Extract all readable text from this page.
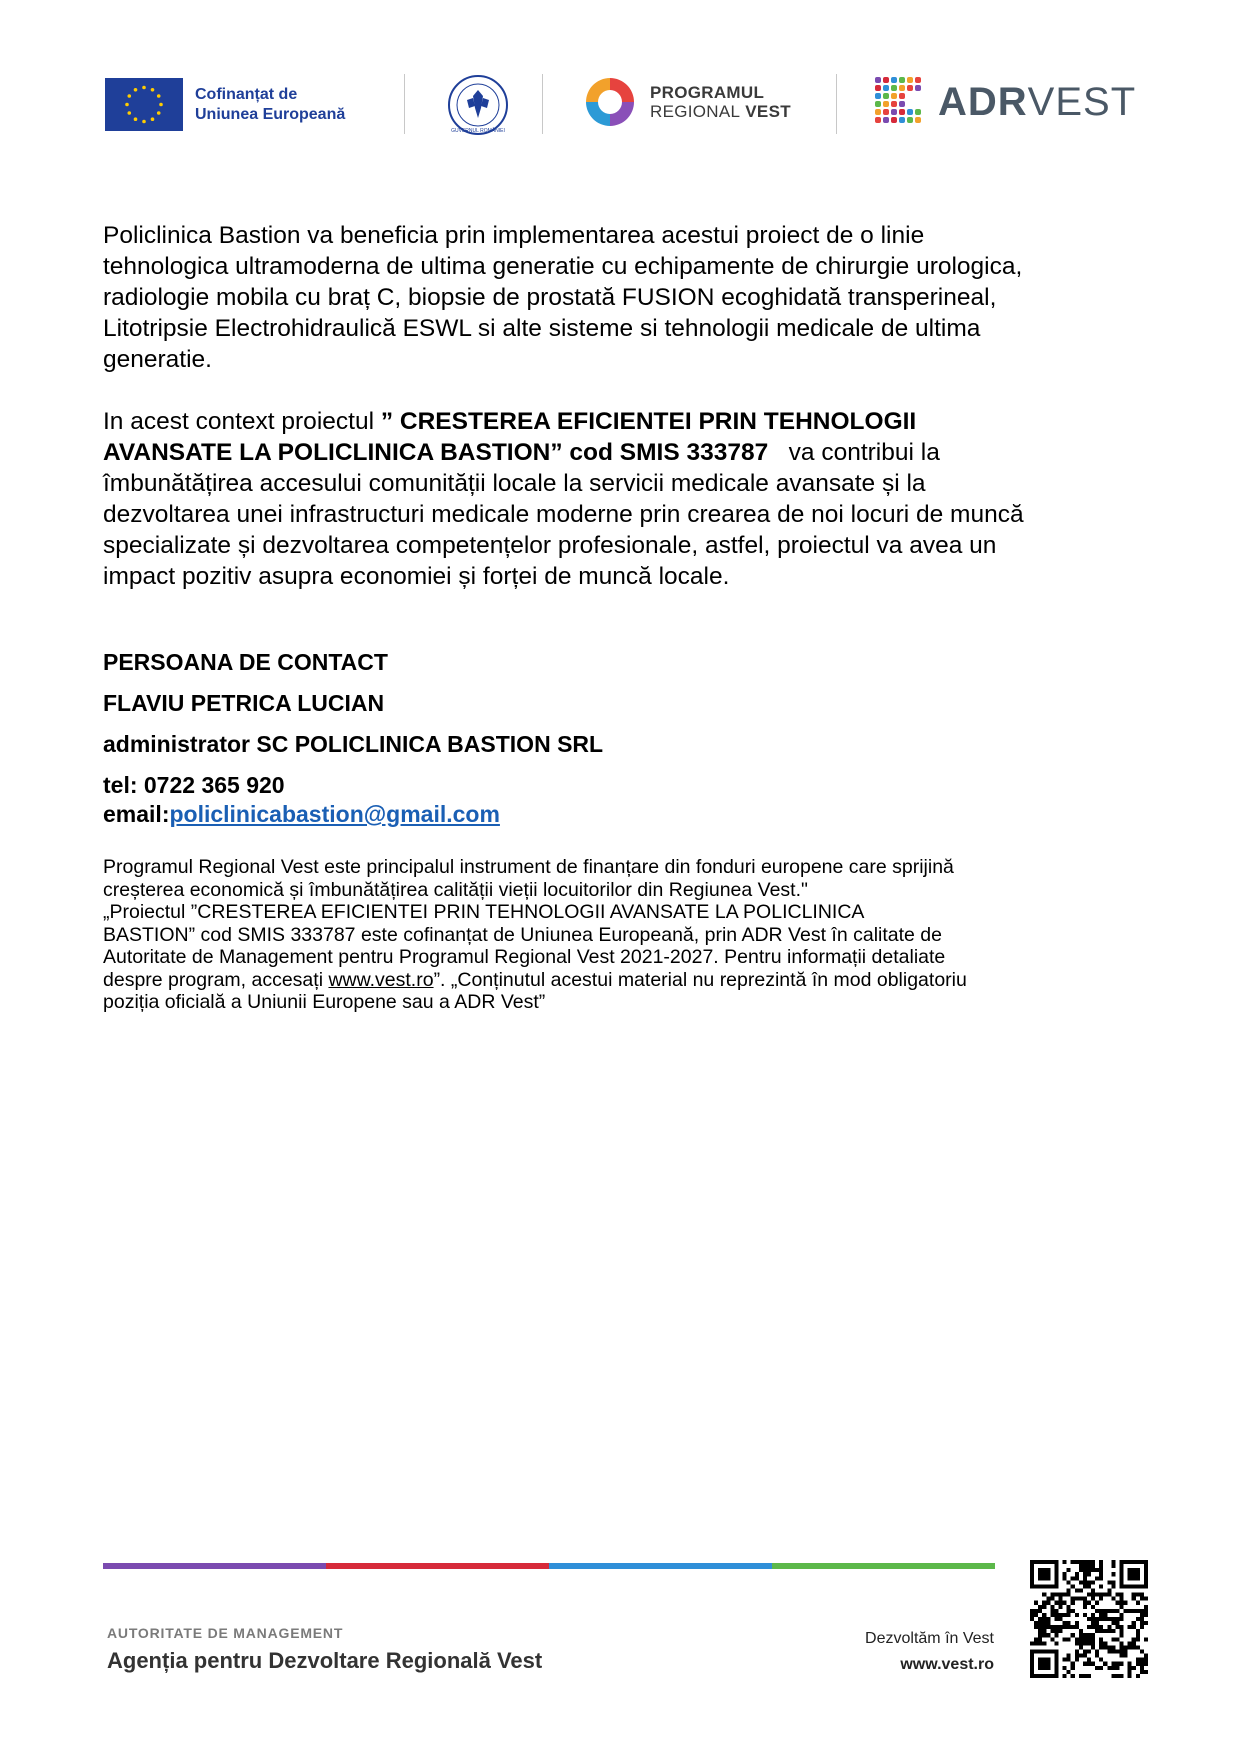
Cofinanțat de
Uniunea Europeană
GUVERNUL ROMÂNIEI
PROGRAMUL
REGIONAL VEST	ADRVEST
Policlinica Bastion va beneficia prin implementarea acestui proiect de o linie
tehnologica ultramoderna de ultima generatie cu echipamente de chirurgie urologica,
radiologie mobila cu braț C, biopsie de prostată FUSION ecoghidată transperineal,
Litotripsie Electrohidraulică ESWL si alte sisteme si tehnologii medicale de ultima
generatie.
In acest context proiectul ” CRESTEREA EFICIENTEI PRIN TEHNOLOGII
AVANSATE LA POLICLINICA BASTION” cod SMIS 333787   va contribui la
îmbunătățirea accesului comunității locale la servicii medicale avansate și la
dezvoltarea unei infrastructuri medicale moderne prin crearea de noi locuri de muncă
specializate și dezvoltarea competențelor profesionale, astfel, proiectul va avea un
impact pozitiv asupra economiei și forței de muncă locale.
PERSOANA DE CONTACT
FLAVIU PETRICA LUCIAN
administrator SC POLICLINICA BASTION SRL
tel: 0722 365 920
email:policlinicabastion@gmail.com
Programul Regional Vest este principalul instrument de finanțare din fonduri europene care sprijină
creșterea economică și îmbunătățirea calității vieții locuitorilor din Regiunea Vest."
„Proiectul ”CRESTEREA EFICIENTEI PRIN TEHNOLOGII AVANSATE LA POLICLINICA
BASTION” cod SMIS 333787 este cofinanțat de Uniunea Europeană, prin ADR Vest în calitate de
Autoritate de Management pentru Programul Regional Vest 2021-2027. Pentru informații detaliate
despre program, accesați www.vest.ro”. „Conținutul acestui material nu reprezintă în mod obligatoriu
poziția oficială a Uniunii Europene sau a ADR Vest”
AUTORITATE DE MANAGEMENT
Agenția pentru Dezvoltare Regională Vest
Dezvoltăm în Vest
www.vest.ro
